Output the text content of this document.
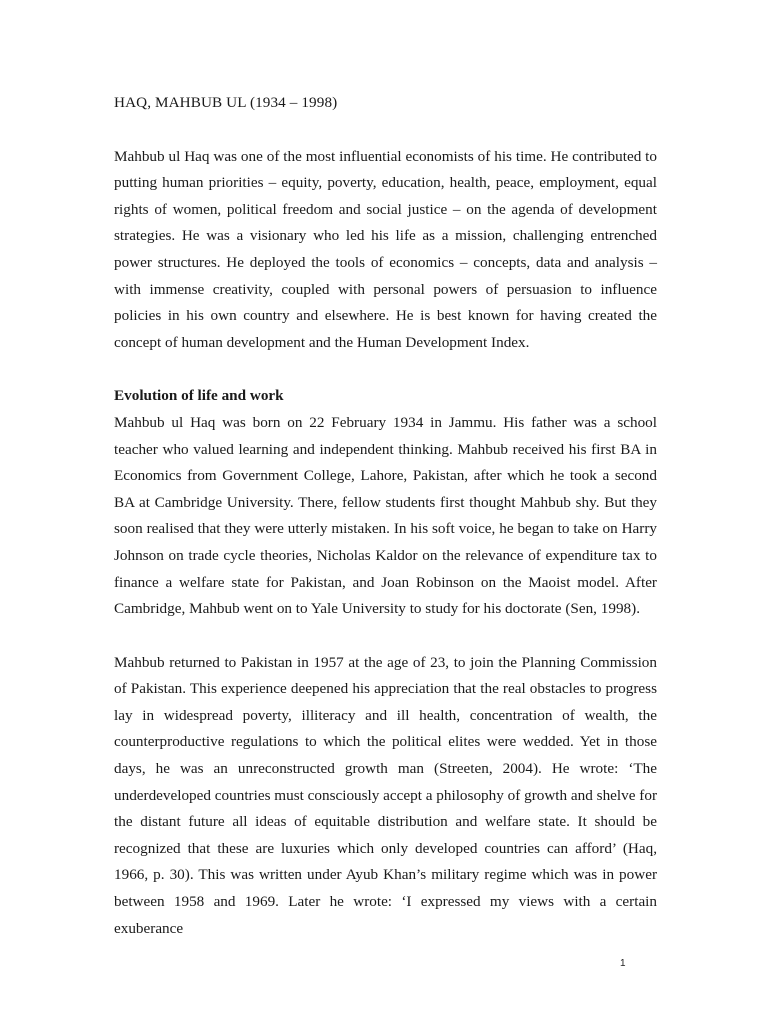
HAQ, MAHBUB UL (1934 – 1998)

Mahbub ul Haq was one of the most influential economists of his time. He contributed to putting human priorities – equity, poverty, education, health, peace, employment, equal rights of women, political freedom and social justice – on the agenda of development strategies. He was a visionary who led his life as a mission, challenging entrenched power structures. He deployed the tools of economics – concepts, data and analysis – with immense creativity, coupled with personal powers of persuasion to influence policies in his own country and elsewhere. He is best known for having created the concept of human development and the Human Development Index.

Evolution of life and work

Mahbub ul Haq was born on 22 February 1934 in Jammu. His father was a school teacher who valued learning and independent thinking. Mahbub received his first BA in Economics from Government College, Lahore, Pakistan, after which he took a second BA at Cambridge University. There, fellow students first thought Mahbub shy. But they soon realised that they were utterly mistaken. In his soft voice, he began to take on Harry Johnson on trade cycle theories, Nicholas Kaldor on the relevance of expenditure tax to finance a welfare state for Pakistan, and Joan Robinson on the Maoist model. After Cambridge, Mahbub went on to Yale University to study for his doctorate (Sen, 1998).

Mahbub returned to Pakistan in 1957 at the age of 23, to join the Planning Commission of Pakistan. This experience deepened his appreciation that the real obstacles to progress lay in widespread poverty, illiteracy and ill health, concentration of wealth, the counterproductive regulations to which the political elites were wedded. Yet in those days, he was an unreconstructed growth man (Streeten, 2004). He wrote: ‘The underdeveloped countries must consciously accept a philosophy of growth and shelve for the distant future all ideas of equitable distribution and welfare state. It should be recognized that these are luxuries which only developed countries can afford’ (Haq, 1966, p. 30). This was written under Ayub Khan’s military regime which was in power between 1958 and 1969. Later he wrote: ‘I expressed my views with a certain exuberance

1
